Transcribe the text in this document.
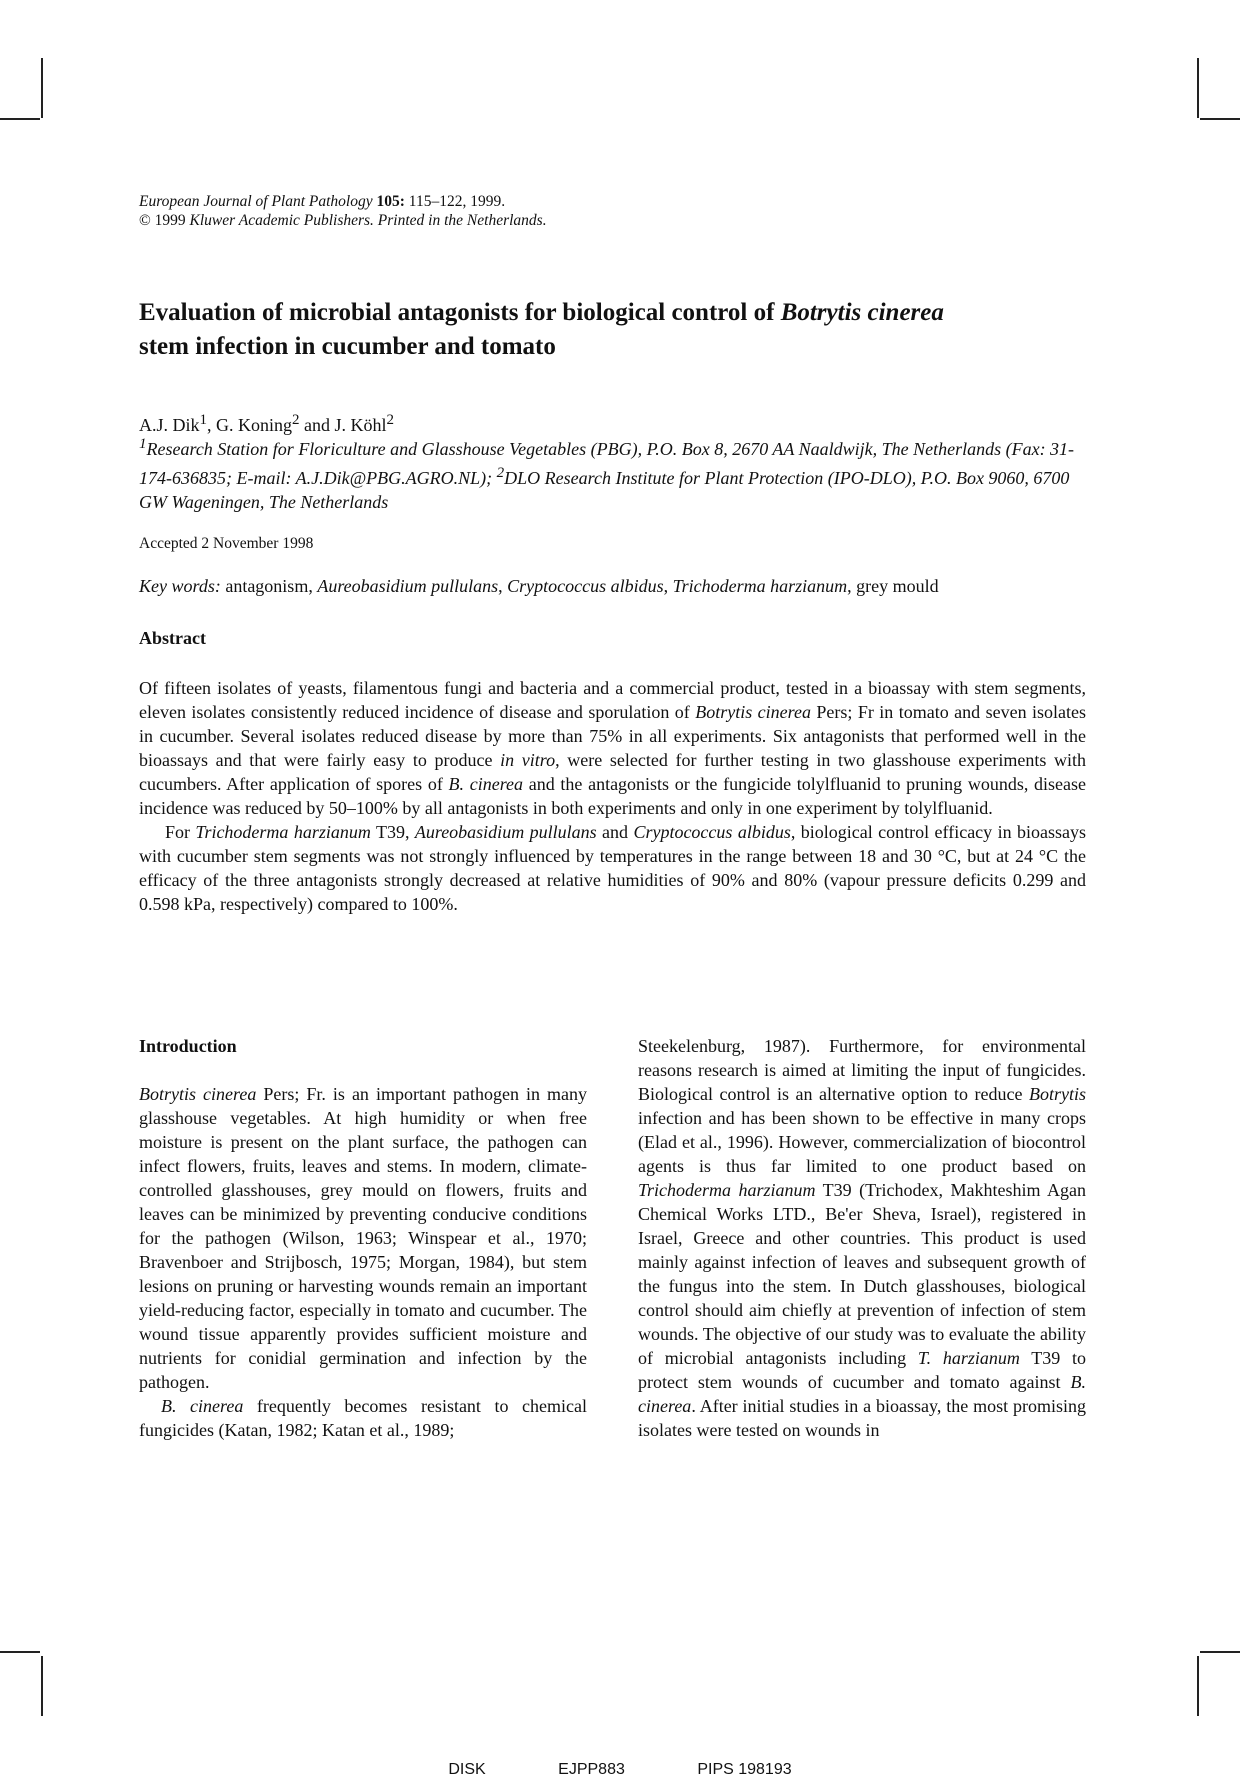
European Journal of Plant Pathology 105: 115–122, 1999.
© 1999 Kluwer Academic Publishers. Printed in the Netherlands.
Evaluation of microbial antagonists for biological control of Botrytis cinerea
stem infection in cucumber and tomato
A.J. Dik$^1$, G. Koning$^2$ and J. Köhl$^2$
$^1$Research Station for Floriculture and Glasshouse Vegetables (PBG), P.O. Box 8, 2670 AA Naaldwijk, The Netherlands (Fax: 31-174-636835; E-mail: A.J.Dik@PBG.AGRO.NL); $^2$DLO Research Institute for Plant Protection (IPO-DLO), P.O. Box 9060, 6700 GW Wageningen, The Netherlands
Accepted 2 November 1998
Key words: antagonism, Aureobasidium pullulans, Cryptococcus albidus, Trichoderma harzianum, grey mould
Abstract

Of fifteen isolates of yeasts, filamentous fungi and bacteria and a commercial product, tested in a bioassay with stem segments, eleven isolates consistently reduced incidence of disease and sporulation of Botrytis cinerea Pers; Fr in tomato and seven isolates in cucumber. Several isolates reduced disease by more than 75% in all experiments. Six antagonists that performed well in the bioassays and that were fairly easy to produce in vitro, were selected for further testing in two glasshouse experiments with cucumbers. After application of spores of B. cinerea and the antagonists or the fungicide tolylfluanid to pruning wounds, disease incidence was reduced by 50–100% by all antagonists in both experiments and only in one experiment by tolylfluanid.

For Trichoderma harzianum T39, Aureobasidium pullulans and Cryptococcus albidus, biological control efficacy in bioassays with cucumber stem segments was not strongly influenced by temperatures in the range between 18 and 30 °C, but at 24 °C the efficacy of the three antagonists strongly decreased at relative humidities of 90% and 80% (vapour pressure deficits 0.299 and 0.598 kPa, respectively) compared to 100%.

Introduction

Botrytis cinerea Pers; Fr. is an important pathogen in many glasshouse vegetables. At high humidity or when free moisture is present on the plant surface, the pathogen can infect flowers, fruits, leaves and stems. In modern, climate-controlled glasshouses, grey mould on flowers, fruits and leaves can be minimized by preventing conducive conditions for the pathogen (Wilson, 1963; Winspear et al., 1970; Bravenboer and Strijbosch, 1975; Morgan, 1984), but stem lesions on pruning or harvesting wounds remain an important yield-reducing factor, especially in tomato and cucumber. The wound tissue apparently provides sufficient moisture and nutrients for conidial germination and infection by the pathogen.

B. cinerea frequently becomes resistant to chemical fungicides (Katan, 1982; Katan et al., 1989;

Steekelenburg, 1987). Furthermore, for environmental reasons research is aimed at limiting the input of fungicides. Biological control is an alternative option to reduce Botrytis infection and has been shown to be effective in many crops (Elad et al., 1996). However, commercialization of biocontrol agents is thus far limited to one product based on Trichoderma harzianum T39 (Trichodex, Makhteshim Agan Chemical Works LTD., Be'er Sheva, Israel), registered in Israel, Greece and other countries. This product is used mainly against infection of leaves and subsequent growth of the fungus into the stem. In Dutch glasshouses, biological control should aim chiefly at prevention of infection of stem wounds. The objective of our study was to evaluate the ability of microbial antagonists including T. harzianum T39 to protect stem wounds of cucumber and tomato against B. cinerea. After initial studies in a bioassay, the most promising isolates were tested on wounds in

DISK	EJPP883	PIPS 198193
